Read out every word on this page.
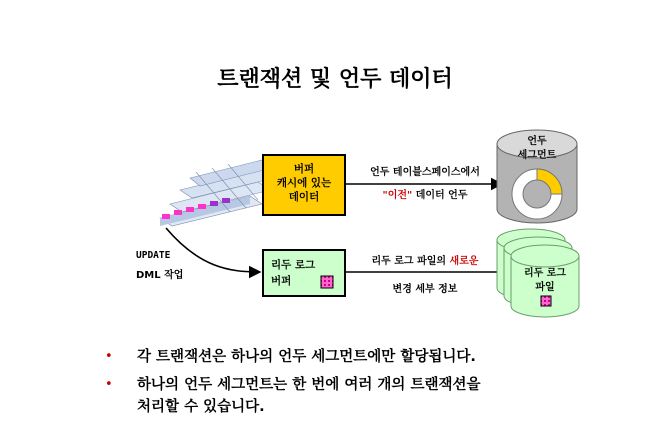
트랜잭션 및 언두 데이터
버퍼
캐시에 있는
데이터
리두 로그
버퍼
언두
세그먼트
리두 로그
파일
UPDATE
DML 작업
언두 테이블스페이스에서
"이전" 데이터 언두
리두 로그 파일의 새로운
변경 세부 정보
•	각 트랜잭션은 하나의 언두 세그먼트에만 할당됩니다.
•	하나의 언두 세그먼트는 한 번에 여러 개의 트랜잭션을
처리할 수 있습니다.
